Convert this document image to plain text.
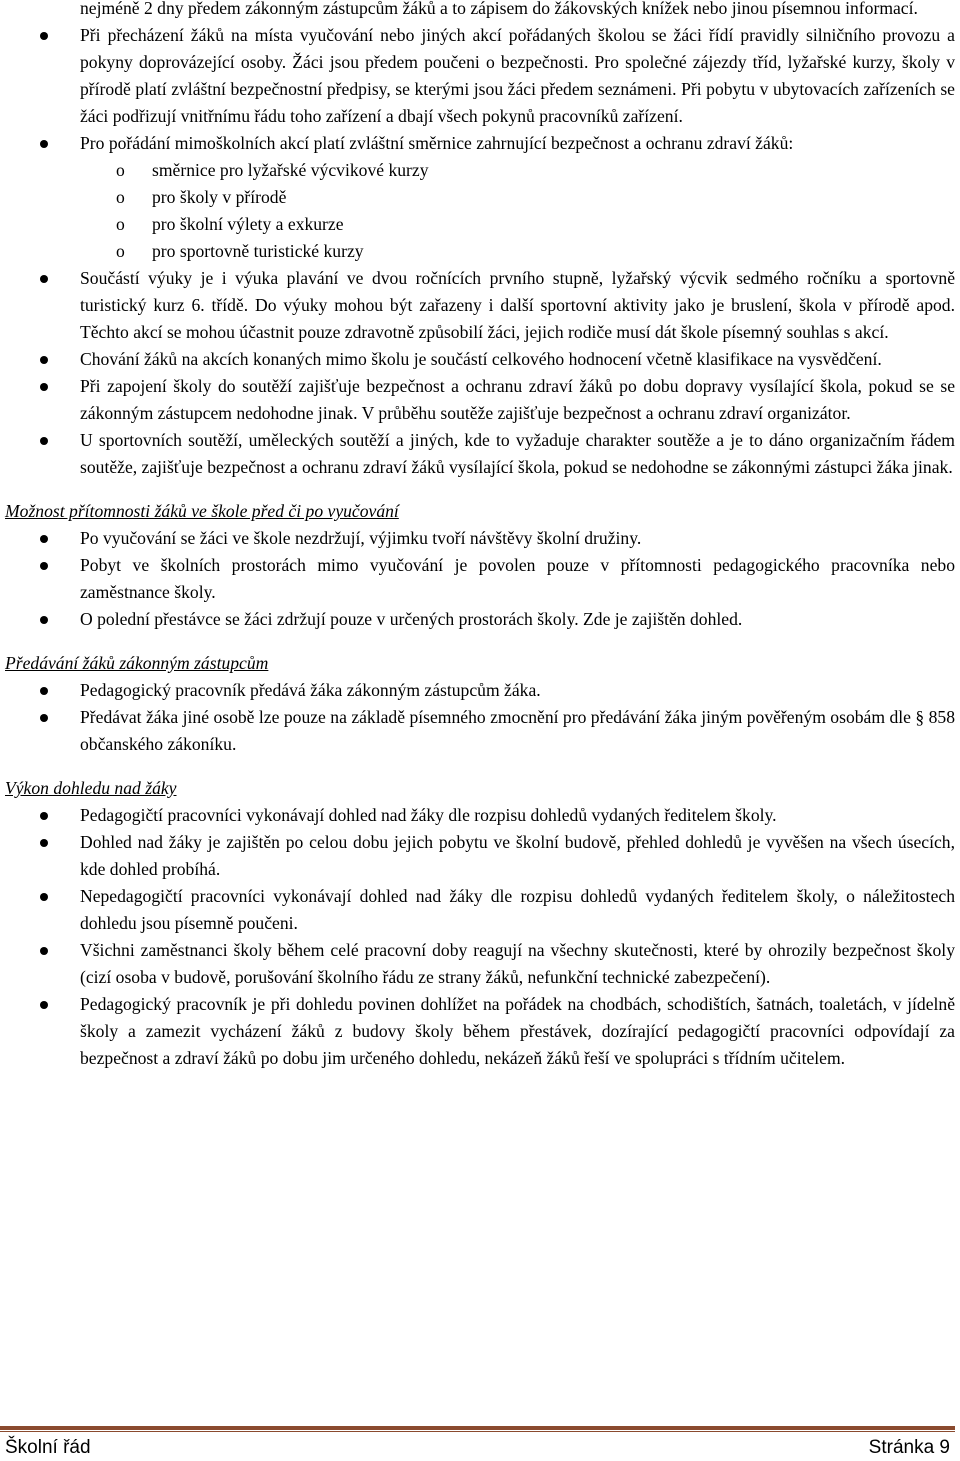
nejméně 2 dny předem zákonným zástupcům žáků a to zápisem do žákovských knížek nebo jinou písemnou informací.

Při přecházení žáků na místa vyučování nebo jiných akcí pořádaných školou se žáci řídí pravidly silničního provozu a pokyny doprovázející osoby. Žáci jsou předem poučeni o bezpečnosti. Pro společné zájezdy tříd, lyžařské kurzy, školy v přírodě platí zvláštní bezpečnostní předpisy, se kterými jsou žáci předem seznámeni. Při pobytu v ubytovacích zařízeních se žáci podřizují vnitřnímu řádu toho zařízení a dbají všech pokynů pracovníků zařízení.
Pro pořádání mimoškolních akcí platí zvláštní směrnice zahrnující bezpečnost a ochranu zdraví žáků:
o směrnice pro lyžařské výcvikové kurzy
o pro školy v přírodě
o pro školní výlety a exkurze
o pro sportovně turistické kurzy
Součástí výuky je i výuka plavání ve dvou ročnících prvního stupně, lyžařský výcvik sedmého ročníku a sportovně turistický kurz 6. třídě. Do výuky mohou být zařazeny i další sportovní aktivity jako je bruslení, škola v přírodě apod. Těchto akcí se mohou účastnit pouze zdravotně způsobilí žáci, jejich rodiče musí dát škole písemný souhlas s akcí.
Chování žáků na akcích konaných mimo školu je součástí celkového hodnocení včetně klasifikace na vysvědčení.
Při zapojení školy do soutěží zajišťuje bezpečnost a ochranu zdraví žáků po dobu dopravy vysílající škola, pokud se se zákonným zástupcem nedohodne jinak. V průběhu soutěže zajišťuje bezpečnost a ochranu zdraví organizátor.
U sportovních soutěží, uměleckých soutěží a jiných, kde to vyžaduje charakter soutěže a je to dáno organizačním řádem soutěže, zajišťuje bezpečnost a ochranu zdraví žáků vysílající škola, pokud se nedohodne se zákonnými zástupci žáka jinak.

Možnost přítomnosti žáků ve škole před či po vyučování

Po vyučování se žáci ve škole nezdržují, výjimku tvoří návštěvy školní družiny.
Pobyt ve školních prostorách mimo vyučování je povolen pouze v přítomnosti pedagogického pracovníka nebo zaměstnance školy.
O polední přestávce se žáci zdržují pouze v určených prostorách školy. Zde je zajištěn dohled.

Předávání žáků zákonným zástupcům

Pedagogický pracovník předává žáka zákonným zástupcům žáka.
Předávat žáka jiné osobě lze pouze na základě písemného zmocnění pro předávání žáka jiným pověřeným osobám dle § 858 občanského zákoníku.

Výkon dohledu nad žáky

Pedagogičtí pracovníci vykonávají dohled nad žáky dle rozpisu dohledů vydaných ředitelem školy.
Dohled nad žáky je zajištěn po celou dobu jejich pobytu ve školní budově, přehled dohledů je vyvěšen na všech úsecích, kde dohled probíhá.
Nepedagogičtí pracovníci vykonávají dohled nad žáky dle rozpisu dohledů vydaných ředitelem školy, o náležitostech dohledu jsou písemně poučeni.
Všichni zaměstnanci školy během celé pracovní doby reagují na všechny skutečnosti, které by ohrozily bezpečnost školy (cizí osoba v budově, porušování školního řádu ze strany žáků, nefunkční technické zabezpečení).
Pedagogický pracovník je při dohledu povinen dohlížet na pořádek na chodbách, schodištích, šatnách, toaletách, v jídelně školy a zamezit vycházení žáků z budovy školy během přestávek, dozírající pedagogičtí pracovníci odpovídají za bezpečnost a zdraví žáků po dobu jim určeného dohledu, nekázeň žáků řeší ve spolupráci s třídním učitelem.
Školní řád	Stránka 9
